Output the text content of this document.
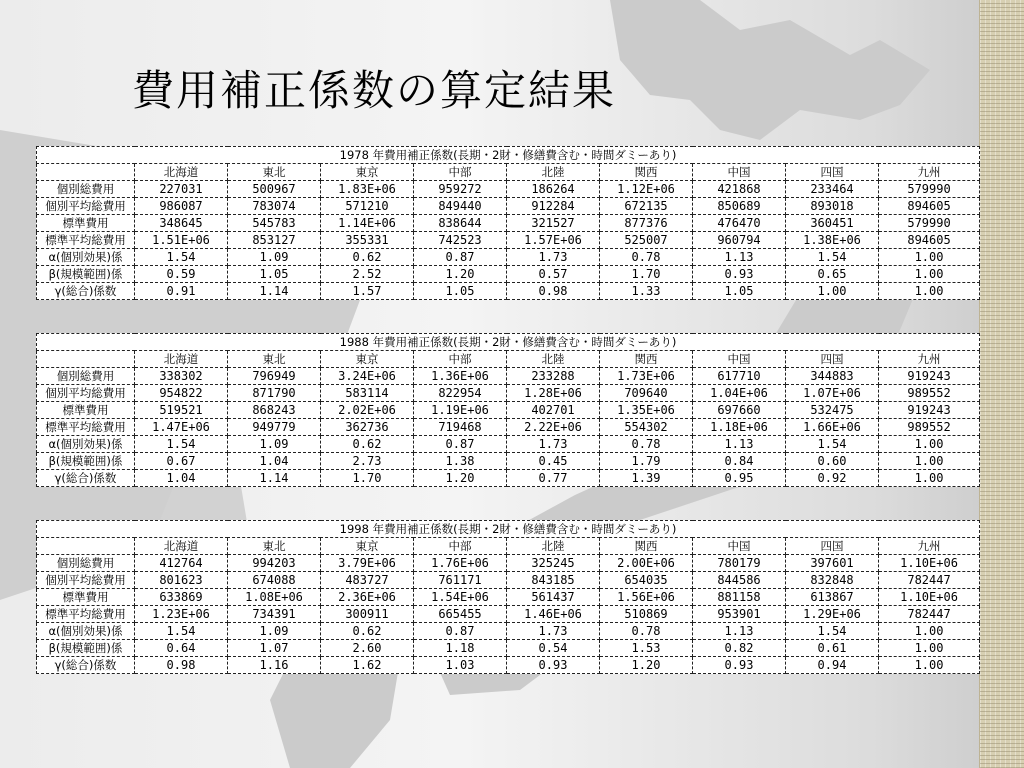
費用補正係数の算定結果
1978 年費用補正係数(長期・2財・修繕費含む・時間ダミーあり)									
	北海道	東北	東京	中部	北陸	関西	中国	四国	九州
個別総費用	227031	500967	1.83E+06	959272	186264	1.12E+06	421868	233464	579990
個別平均総費用	986087	783074	571210	849440	912284	672135	850689	893018	894605
標準費用	348645	545783	1.14E+06	838644	321527	877376	476470	360451	579990
標準平均総費用	1.51E+06	853127	355331	742523	1.57E+06	525007	960794	1.38E+06	894605
α(個別効果)係	1.54	1.09	0.62	0.87	1.73	0.78	1.13	1.54	1.00
β(規模範囲)係	0.59	1.05	2.52	1.20	0.57	1.70	0.93	0.65	1.00
γ(総合)係数	0.91	1.14	1.57	1.05	0.98	1.33	1.05	1.00	1.00
1988 年費用補正係数(長期・2財・修繕費含む・時間ダミーあり)									
	北海道	東北	東京	中部	北陸	関西	中国	四国	九州
個別総費用	338302	796949	3.24E+06	1.36E+06	233288	1.73E+06	617710	344883	919243
個別平均総費用	954822	871790	583114	822954	1.28E+06	709640	1.04E+06	1.07E+06	989552
標準費用	519521	868243	2.02E+06	1.19E+06	402701	1.35E+06	697660	532475	919243
標準平均総費用	1.47E+06	949779	362736	719468	2.22E+06	554302	1.18E+06	1.66E+06	989552
α(個別効果)係	1.54	1.09	0.62	0.87	1.73	0.78	1.13	1.54	1.00
β(規模範囲)係	0.67	1.04	2.73	1.38	0.45	1.79	0.84	0.60	1.00
γ(総合)係数	1.04	1.14	1.70	1.20	0.77	1.39	0.95	0.92	1.00
1998 年費用補正係数(長期・2財・修繕費含む・時間ダミーあり)									
	北海道	東北	東京	中部	北陸	関西	中国	四国	九州
個別総費用	412764	994203	3.79E+06	1.76E+06	325245	2.00E+06	780179	397601	1.10E+06
個別平均総費用	801623	674088	483727	761171	843185	654035	844586	832848	782447
標準費用	633869	1.08E+06	2.36E+06	1.54E+06	561437	1.56E+06	881158	613867	1.10E+06
標準平均総費用	1.23E+06	734391	300911	665455	1.46E+06	510869	953901	1.29E+06	782447
α(個別効果)係	1.54	1.09	0.62	0.87	1.73	0.78	1.13	1.54	1.00
β(規模範囲)係	0.64	1.07	2.60	1.18	0.54	1.53	0.82	0.61	1.00
γ(総合)係数	0.98	1.16	1.62	1.03	0.93	1.20	0.93	0.94	1.00
